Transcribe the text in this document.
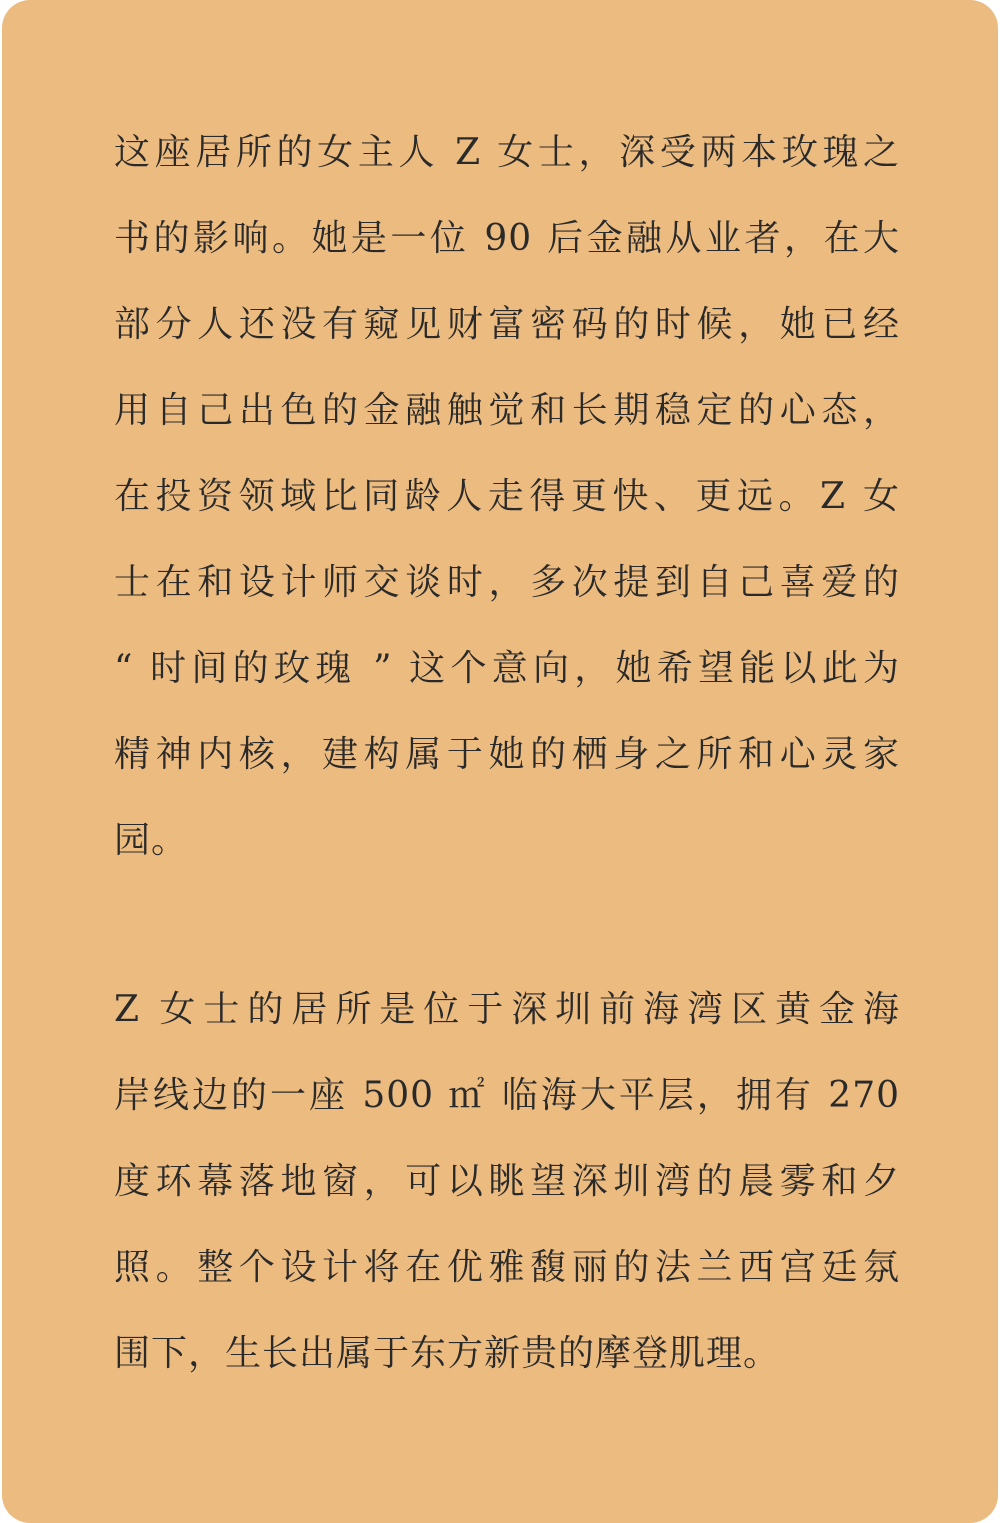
这座居所的女主人 Z 女士，深受两本玫瑰之
书的影响。她是一位 90 后金融从业者，在大
部分人还没有窥见财富密码的时候，她已经
用自己出色的金融触觉和长期稳定的心态，
在投资领域比同龄人走得更快、更远。Z 女
士在和设计师交谈时，多次提到自己喜爱的
“ 时间的玫瑰 ” 这个意向，她希望能以此为
精神内核，建构属于她的栖身之所和心灵家
园。
Z 女士的居所是位于深圳前海湾区黄金海
岸线边的一座 500 ㎡ 临海大平层，拥有 270
度环幕落地窗，可以眺望深圳湾的晨雾和夕
照。整个设计将在优雅馥丽的法兰西宫廷氛
围下，生长出属于东方新贵的摩登肌理。
